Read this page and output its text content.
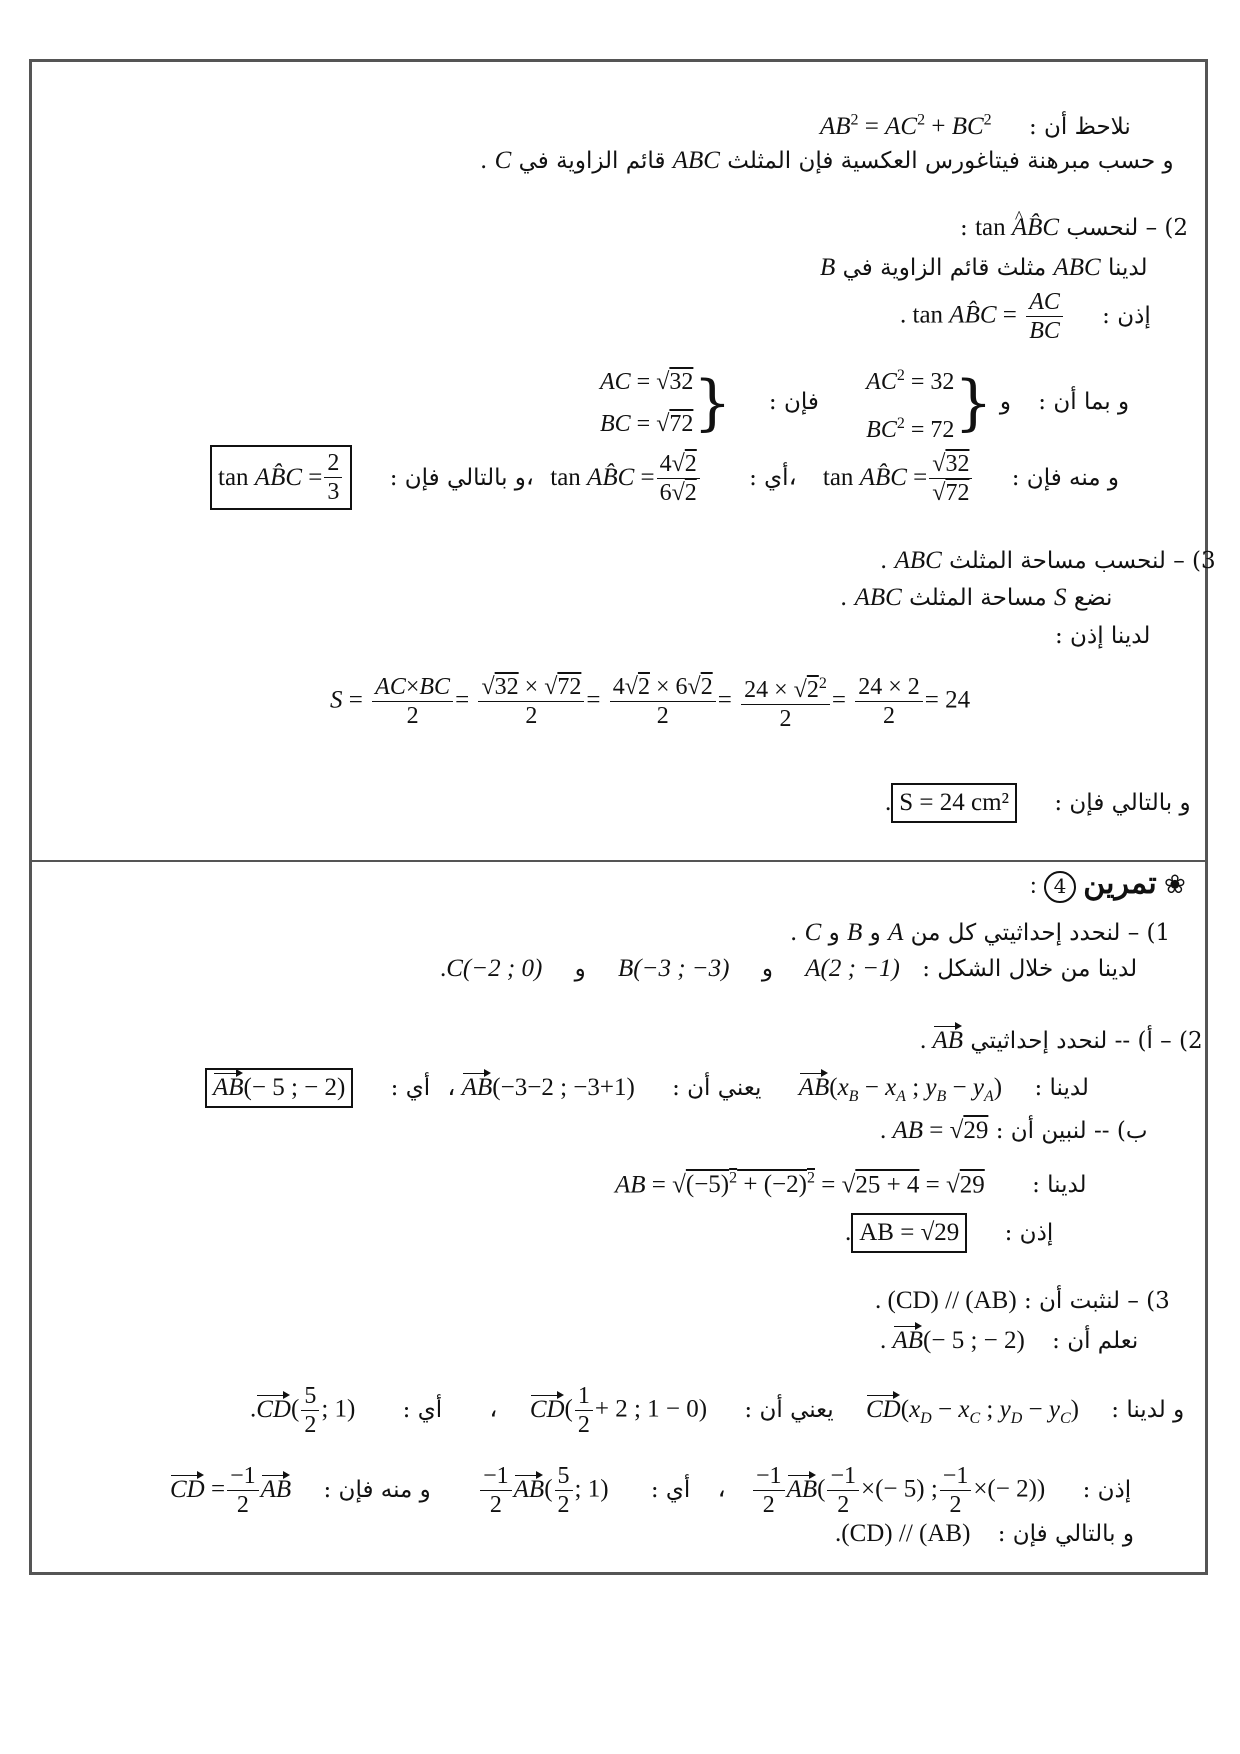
$AB^2 = AC^2 + BC^2$ نلاحظ أن :
و حسب مبرهنة فيتاغورس العكسية فإن المثلث ABC قائم الزاوية في C .
2) – لنحسب tan A ^B̂C :
لدينا ABC مثلث قائم الزاوية في B
. tan AB̂C = $\frac{AC}{BC}$ إذن :
AC = √32
BC = √72} فإن : $AC^2 = 32$
$BC^2 = 72$} و و بما أن :
tan AB̂C = $\frac{2}{3}$ و بالتالي فإن :، tan AB̂C = $\frac{4√2}{6√2}$ أي :، tan AB̂C = $\frac{√32}{√72}$ و منه فإن :
3) – لنحسب مساحة المثلث ABC .
نضع S مساحة المثلث ABC .
لدينا إذن :
$S = \frac{AC\times BC}{2} = \frac{√32 \times √72}{2} = \frac{4√2 \times 6√2}{2} = \frac{24 \times √2^2}{2} = \frac{24 \times 2}{2} = 24$
. S = 24 cm² و بالتالي فإن :
: 4 تمرين ❀
1) – لنحدد إحداثيتي كل من A و B و C .
.C(−2 ; 0) و B(−3 ; −3) و A(2 ; −1) لدينا من خلال الشكل :
. AB 2) – أ) -- لنحدد إحداثيتي
AB(− 5 ; − 2) أي : ، AB(−3−2 ; −3+1) يعني أن : $AB(x_B - x_A$ ; $y_B - y_A$) لدينا :
. AB = √29 ب) -- لنبين أن :
AB = $√(-5)^2 + (-2)^2 = √25 + 4 = √29$ لدينا :
. AB = √29 إذن :
. (CD) // (AB) 3) – لنثبت أن :
. AB(− 5 ; − 2) نعلم أن :
$.CD( \frac{5}{2}$ ; 1) أي : ، $CD( \frac{1}{2} + 2$ ; 1 − 0) يعني أن : $CD(x_D - x_C$ ; $y_D - y_C$) و لدينا :
CD = $\frac{-1}{2}$ AB و منه فإن : $\frac{-1}{2} AB( \frac{5}{2}$ ; 1) أي : ، $\frac{-1}{2} AB( \frac{-1}{2}$ ×(− 5) ; $\frac{-1}{2}$ ×(− 2)) إذن :
.(CD) // (AB) و بالتالي فإن :
